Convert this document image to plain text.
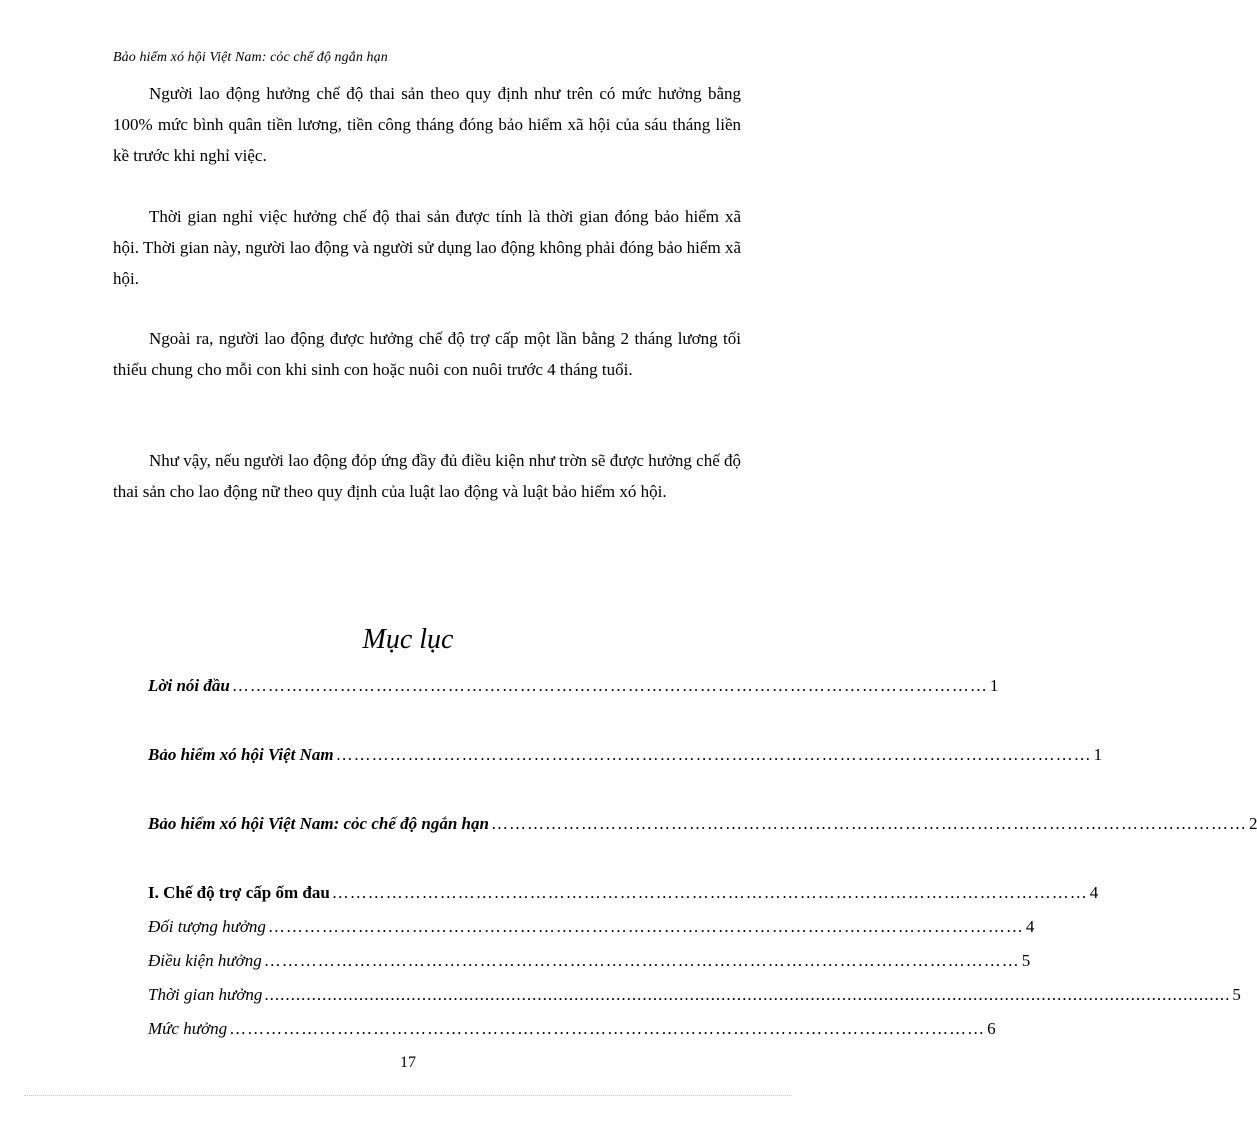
Bảo hiểm xó hội Việt Nam: cỏc chế độ ngắn hạn

Người lao động hưởng chế độ thai sản theo quy định như trên có mức hưởng bằng 100% mức bình quân tiền lương, tiền công tháng đóng bảo hiểm xã hội của sáu tháng liền kề trước khi nghỉ việc.

Thời gian nghỉ việc hưởng chế độ thai sản được tính là thời gian đóng bảo hiểm xã hội. Thời gian này, người lao động và người sử dụng lao động không phải đóng bảo hiểm xã hội.

Ngoài ra, người lao động được hưởng chế độ trợ cấp một lần bằng 2 tháng lương tối thiểu chung cho mỗi con khi sinh con hoặc nuôi con nuôi trước 4 tháng tuổi.

Như vậy, nếu người lao động đỏp ứng đầy đủ điều kiện như trờn sẽ được hưởng chế độ thai sản cho lao động nữ theo quy định của luật lao động và luật bảo hiểm xó hội.

Mục lục
Lời nói đầu ……………………………………………………………………………………………………………… 1
Bảo hiểm xó hội Việt Nam ……………………………………………………………………………………………………………… 1
Bảo hiểm xó hội Việt Nam: cỏc chế độ ngắn hạn ……………………………………………………………………………………………………………… 2
I. Chế độ trợ cấp ốm đau ……………………………………………………………………………………………………………… 4
Đối tượng hưởng ……………………………………………………………………………………………………………… 4
Điều kiện hưởng ……………………………………………………………………………………………………………… 5
Thời gian hưởng ........................................................................................................................................................................................ 5
Mức hưởng ……………………………………………………………………………………………………………… 6
17
